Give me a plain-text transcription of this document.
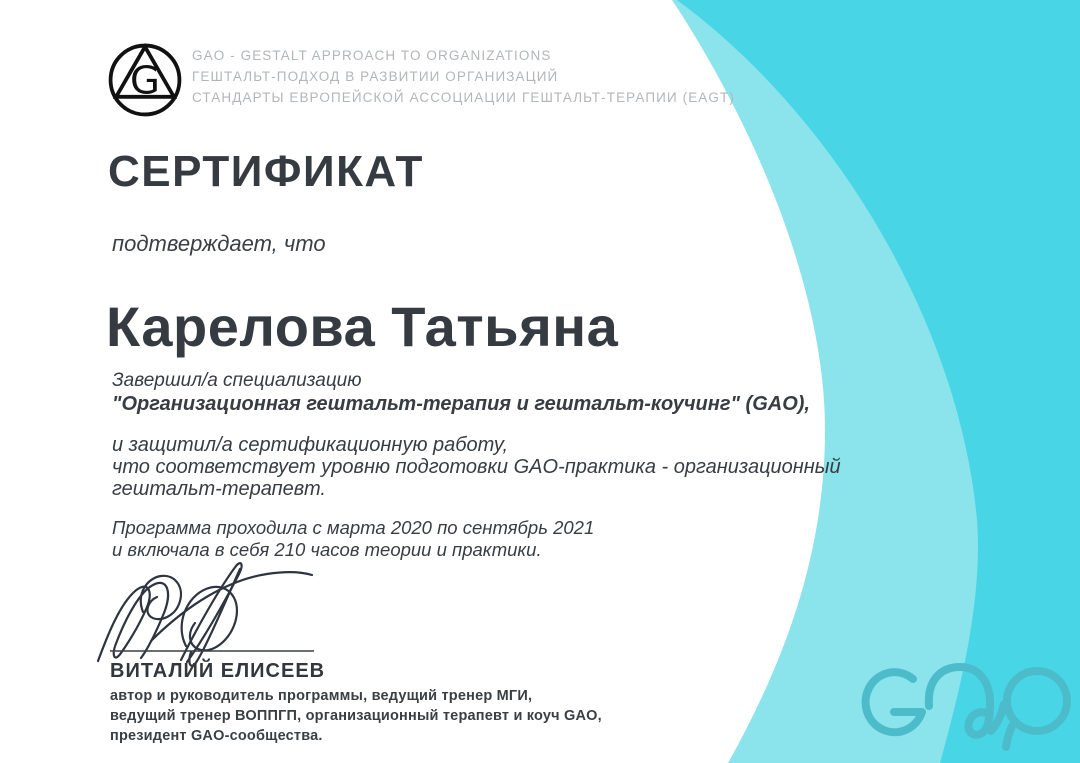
G
GAO - GESTALT APPROACH TO ORGANIZATIONS
ГЕШТАЛЬТ-ПОДХОД В РАЗВИТИИ ОРГАНИЗАЦИЙ
СТАНДАРТЫ ЕВРОПЕЙСКОЙ АССОЦИАЦИИ ГЕШТАЛЬТ-ТЕРАПИИ (EAGT)
СЕРТИФИКАТ
подтверждает, что
Карелова Татьяна
Завершил/а специализацию
"Организационная гештальт-терапия и гештальт-коучинг" (GAO),
и защитил/а сертификационную работу,
что соответствует уровню подготовки GAO-практика - организационный
гештальт-терапевт.
Программа проходила с марта 2020 по сентябрь 2021
и включала в себя 210 часов теории и практики.
ВИТАЛИЙ ЕЛИСЕЕВ
автор и руководитель программы, ведущий тренер МГИ,
ведущий тренер ВОППГП, организационный терапевт и коуч GAO,
президент GAO-сообщества.
